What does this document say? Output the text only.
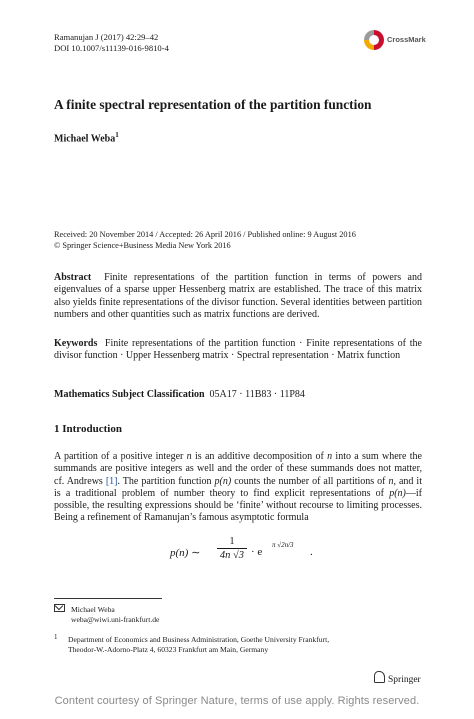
Ramanujan J (2017) 42:29–42
DOI 10.1007/s11139-016-9810-4
CrossMark
A finite spectral representation of the partition function
Michael Weba$^1$
Received: 20 November 2014 / Accepted: 26 April 2016 / Published online: 9 August 2016
© Springer Science+Business Media New York 2016
Abstract Finite representations of the partition function in terms of powers and eigenvalues of a sparse upper Hessenberg matrix are established. The trace of this matrix also yields finite representations of the divisor function. Several identities between partition numbers and other quantities such as matrix functions are derived.
Keywords Finite representations of the partition function · Finite representations of the divisor function · Upper Hessenberg matrix · Spectral representation · Matrix function
Mathematics Subject Classification 05A17 · 11B83 · 11P84
1 Introduction
A partition of a positive integer n is an additive decomposition of n into a sum where the summands are positive integers as well and the order of these summands does not matter, cf. Andrews [1]. The partition function p(n) counts the number of all partitions of n, and it is a traditional problem of number theory to find explicit representations of p(n)—if possible, the resulting expressions should be ‘finite’ without recourse to limiting processes. Being a refinement of Ramanujan’s famous asymptotic formula
p(n) ∼
1
4n √3 · e
π √2n/3
.
Michael Weba
weba@wiwi.uni-frankfurt.de
1 Department of Economics and Business Administration, Goethe University Frankfurt,
Theodor-W.-Adorno-Platz 4, 60323 Frankfurt am Main, Germany
Springer
Content courtesy of Springer Nature, terms of use apply. Rights reserved.
